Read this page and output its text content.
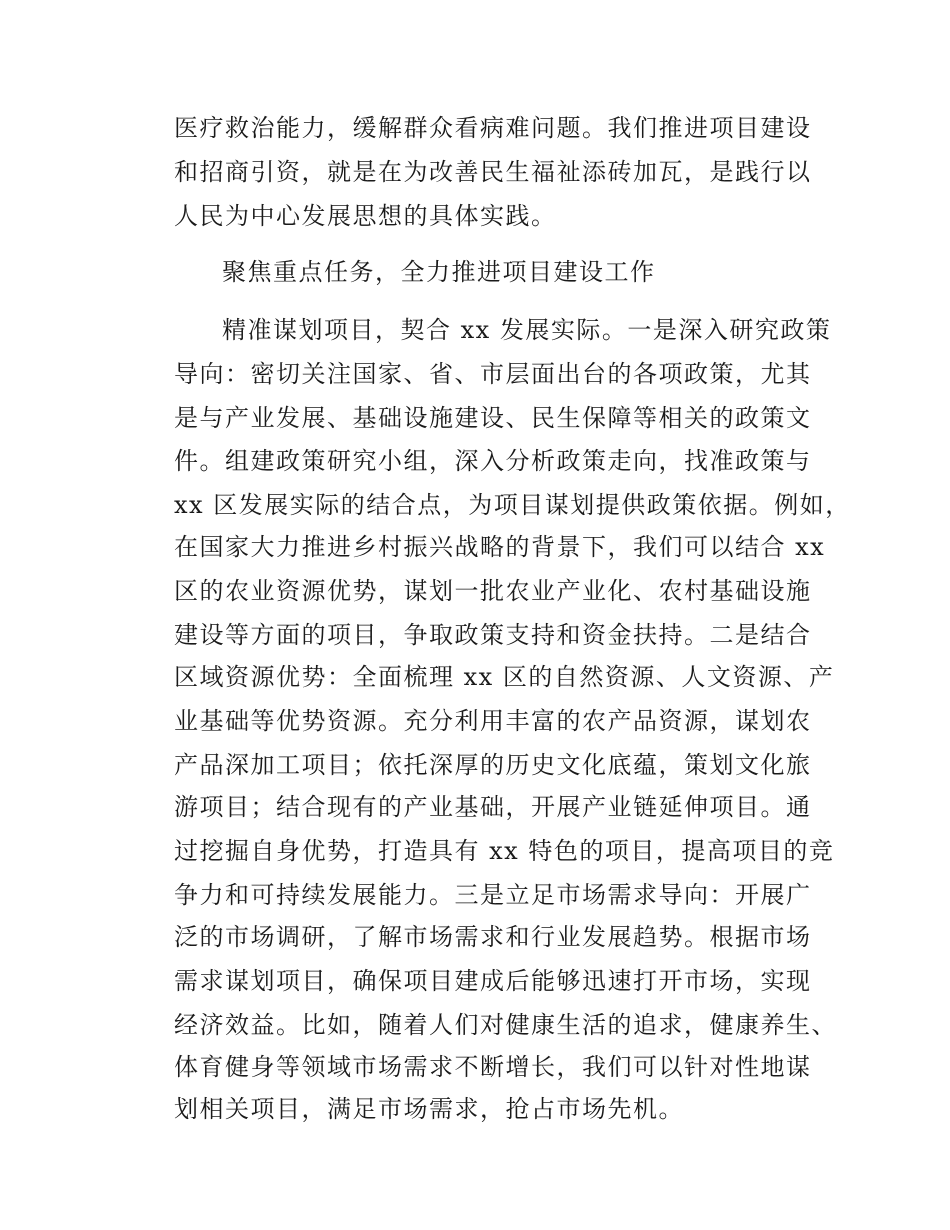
医疗救治能力，缓解群众看病难问题。我们推进项目建设
和招商引资，就是在为改善民生福祉添砖加瓦，是践行以
人民为中心发展思想的具体实践。
聚焦重点任务，全力推进项目建设工作
精准谋划项目，契合 xx 发展实际。一是深入研究政策
导向：密切关注国家、省、市层面出台的各项政策，尤其
是与产业发展、基础设施建设、民生保障等相关的政策文
件。组建政策研究小组，深入分析政策走向，找准政策与
xx 区发展实际的结合点，为项目谋划提供政策依据。例如，
在国家大力推进乡村振兴战略的背景下，我们可以结合 xx
区的农业资源优势，谋划一批农业产业化、农村基础设施
建设等方面的项目，争取政策支持和资金扶持。二是结合
区域资源优势：全面梳理 xx 区的自然资源、人文资源、产
业基础等优势资源。充分利用丰富的农产品资源，谋划农
产品深加工项目；依托深厚的历史文化底蕴，策划文化旅
游项目；结合现有的产业基础，开展产业链延伸项目。通
过挖掘自身优势，打造具有 xx 特色的项目，提高项目的竞
争力和可持续发展能力。三是立足市场需求导向：开展广
泛的市场调研，了解市场需求和行业发展趋势。根据市场
需求谋划项目，确保项目建成后能够迅速打开市场，实现
经济效益。比如，随着人们对健康生活的追求，健康养生、
体育健身等领域市场需求不断增长，我们可以针对性地谋
划相关项目，满足市场需求，抢占市场先机。
